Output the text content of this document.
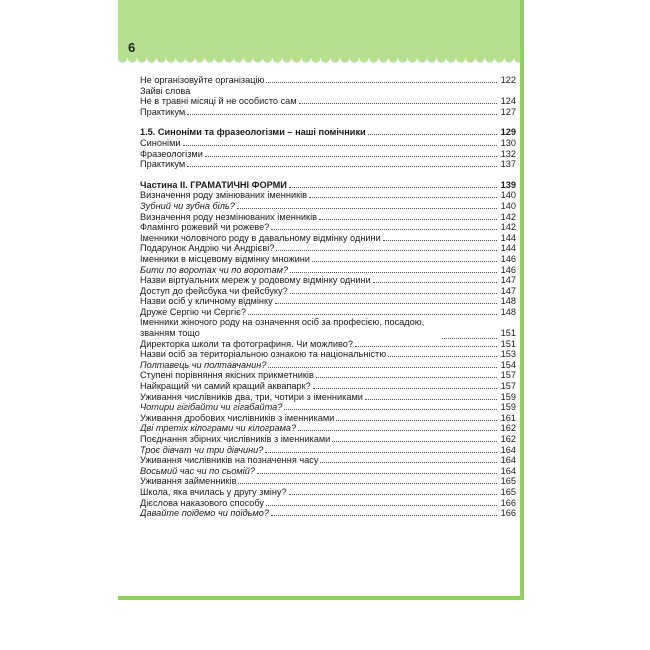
6
Не організовуйте організацію	122
Зайві слова
Не в травні місяці й не особисто сам	124
Практикум	127
1.5. Синоніми та фразеологізми – наші помічники	129
Синоніми	130
Фразеологізми	132
Практикум	137
Частина ІІ. ГРАМАТИЧНІ ФОРМИ	139
Визначення роду змінюваних іменників	140
Зубний чи зубна біль?	140
Визначення роду незмінюваних іменників	142
Фламінго рожевий чи рожеве?	142
Іменники чоловічого роду в давальному відмінку однини	144
Подарунок Андрію чи Андрієві?	144
Іменники в місцевому відмінку множини	146
Бити по воротах чи по воротам?	146
Назви віртуальних мереж у родовому відмінку однини	147
Доступ до фейсбука чи фейсбуку?	147
Назви осіб у кличному відмінку	148
Друже Сергію чи Сергіє?	148
Іменники жіночого роду на означення осіб за професією, посадою, званням тощо	151
Директорка школи та фотографиня. Чи можливо?	151
Назви осіб за територіальною ознакою та національністю	153
Полтавець чи полтавчанин?	154
Ступені порівняння якісних прикметників	157
Найкращий чи самий кращий аквапарк?	157
Уживання числівників два, три, чотири з іменниками	159
Чотири гігібайти чи гігабайта?	159
Уживання дробових числівників з іменниками	161
Дві третіх кілограми чи кілограма?	162
Поєднання збірних числівників з іменниками	162
Троє дівчат чи три дівчини?	164
Уживання числівників на позначення часу	164
Восьмий час чи по сьомій?	164
Уживання займенників	165
Школа, яка вчилась у другу зміну?	165
Дієслова наказового способу	166
Давайте поїдемо чи поїдьмо?	166
